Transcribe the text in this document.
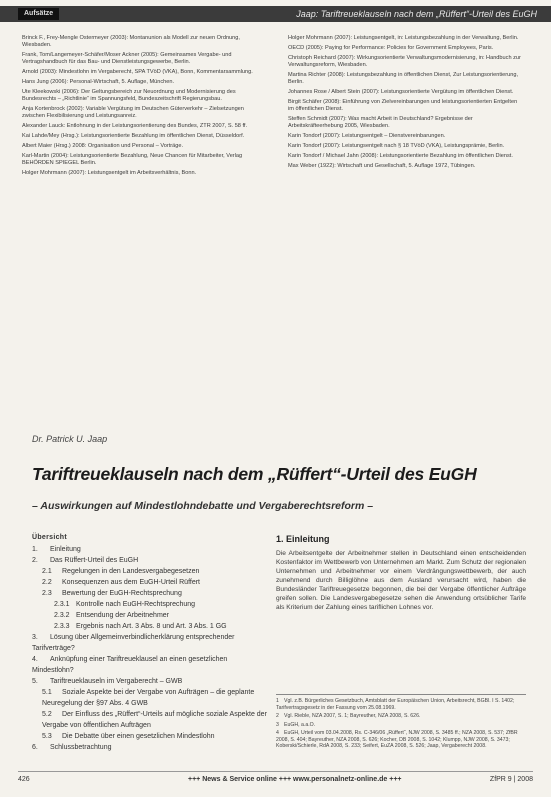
Aufsätze	Jaap: Tariftreueklauseln nach dem „Rüffert“-Urteil des EuGH
Brinck F., Frey-Mengle Ostermeyer (2003): Montanunion als Modell zur neuen Ordnung, Wiesbaden.
Frank, Tom/Langemeyer-Schäfer/Moser Ackner (2005): Gemeinsames Vergabe- und Vertragshandbuch für das Bau- und Dienstleistungsgewerbe, Berlin.
Arnold (2003): Mindestlohn im Vergaberecht, SPA TVöD (VKA), Bonn, Kommentarsammlung.
Hans Jung (2006): Personal-Wirtschaft, 5. Auflage, München.
Ute Kleekowski (2006): Der Geltungsbereich zur Neuordnung und Modernisierung des Bundesrechts – „Richtlinie“ im Spannungsfeld, Bundeszeitschrift Regierungsbau.
Anja Kortenbrock (2002): Variable Vergütung im Deutschen Güterverkehr – Zielsetzungen zwischen Flexibilisierung und Leistungsanreiz.
Alexander Lauck: Entlohnung in der Leistungsorientierung des Bundes, ZTR 2007, S. 58 ff.
Kai Lahde/Mey (Hrsg.): Leistungsorientierte Bezahlung im öffentlichen Dienst, Düsseldorf.
Albert Maier (Hrsg.) 2008: Organisation und Personal – Vorträge.
Karl-Martin (2004): Leistungsorientierte Bezahlung, Neue Chancen für Mitarbeiter, Verlag BEHÖRDEN SPIEGEL Berlin.
Holger Mohrmann (2007): Leistungsentgelt im Arbeitsverhältnis, Bonn.
Holger Mohrmann (2007): Leistungsentgelt, in: Leistungsbezahlung in der Verwaltung, Berlin.
OECD (2005): Paying for Performance: Policies for Government Employees, Paris.
Christoph Reichard (2007): Wirkungsorientierte Verwaltungsmodernisierung, in: Handbuch zur Verwaltungsreform, Wiesbaden.
Martina Richter (2008): Leistungsbezahlung in öffentlichen Dienst, Zur Leistungsorientierung, Berlin.
Johannes Rose / Albert Stein (2007): Leistungsorientierte Vergütung im öffentlichen Dienst.
Birgit Schäfer (2008): Einführung von Zielvereinbarungen und leistungsorientierten Entgelten im öffentlichen Dienst.
Steffen Schmidt (2007): Was macht Arbeit in Deutschland? Ergebnisse der Arbeitskräfteerhebung 2005, Wiesbaden.
Karin Tondorf (2007): Leistungsentgelt – Dienstvereinbarungen.
Karin Tondorf (2007): Leistungsentgelt nach § 18 TVöD (VKA), Leistungsprämie, Berlin.
Karin Tondorf / Michael Jahn (2008): Leistungsorientierte Bezahlung im öffentlichen Dienst.
Max Weber (1922): Wirtschaft und Gesellschaft, 5. Auflage 1972, Tübingen.
Dr. Patrick U. Jaap
Tariftreueklauseln nach dem „Rüffert“-Urteil des EuGH
– Auswirkungen auf Mindestlohndebatte und Vergaberechtsreform –
Übersicht
1. Einleitung
2. Das Rüffert-Urteil des EuGH
2.1 Regelungen in den Landesvergabegesetzen
2.2 Konsequenzen aus dem EuGH-Urteil Rüffert
2.3 Bewertung der EuGH-Rechtsprechung
2.3.1 Kontrolle nach EuGH-Rechtsprechung
2.3.2 Entsendung der Arbeitnehmer
2.3.3 Ergebnis nach Art. 3 Abs. 8 und Art. 3 Abs. 1 GG
3. Lösung über Allgemeinverbindlicherklärung entsprechender Tarifverträge?
4. Anknüpfung einer Tariftreueklausel an einen gesetzlichen Mindestlohn?
5. Tariftreueklauseln im Vergaberecht – GWB
5.1 Soziale Aspekte bei der Vergabe von Aufträgen – die geplante Neuregelung der §97 Abs. 4 GWB
5.2 Der Einfluss des „Rüffert“-Urteils auf mögliche soziale Aspekte der Vergabe von öffentlichen Aufträgen
5.3 Die Debatte über einen gesetzlichen Mindestlohn
6. Schlussbetrachtung
1. Einleitung
Die Arbeitsentgelte der Arbeitnehmer stellen in Deutschland einen entscheidenden Kostenfaktor im Wettbewerb von Unternehmen am Markt. Zum Schutz der regionalen Unternehmen und Arbeitnehmer vor einem Verdrängungswettbewerb, der auch zunehmend durch Billiglöhne aus dem Ausland verursacht wird, haben die Bundesländer Tariftreuegesetze begonnen, die bei der Vergabe öffentlicher Aufträge greifen sollen. Die Landesvergabegesetze sehen die Anwendung ortsüblicher Tarife als Kriterium der Zahlung eines tariflichen Lohnes vor.
1 Vgl. z.B. Bürgerliches Gesetzbuch, Amtsblatt der Europäischen Union, Arbeitsrecht, BGBl. I S. 1402; Tarifvertragsgesetz in der Fassung vom 25.08.1969.
2 Vgl. Rieble, NZA 2007, S. 1; Bayreuther, NZA 2008, S. 626.
3 EuGH, a.a.O.
4 EuGH, Urteil vom 03.04.2008, Rs. C-346/06 „Rüffert“, NJW 2008, S. 3485 ff.; NZA 2008, S. 537; ZfBR 2008, S. 404; Bayreuther, NZA 2008, S. 626; Kocher, DB 2008, S. 1042; Klumpp, NJW 2008, S. 3473; Koberski/Schierle, RdA 2008, S. 233; Seifert, EuZA 2008, S. 526; Jaap, Vergaberecht 2008.
426	+++ News & Service online +++ www.personalnetz-online.de +++	ZfPR 9 | 2008
